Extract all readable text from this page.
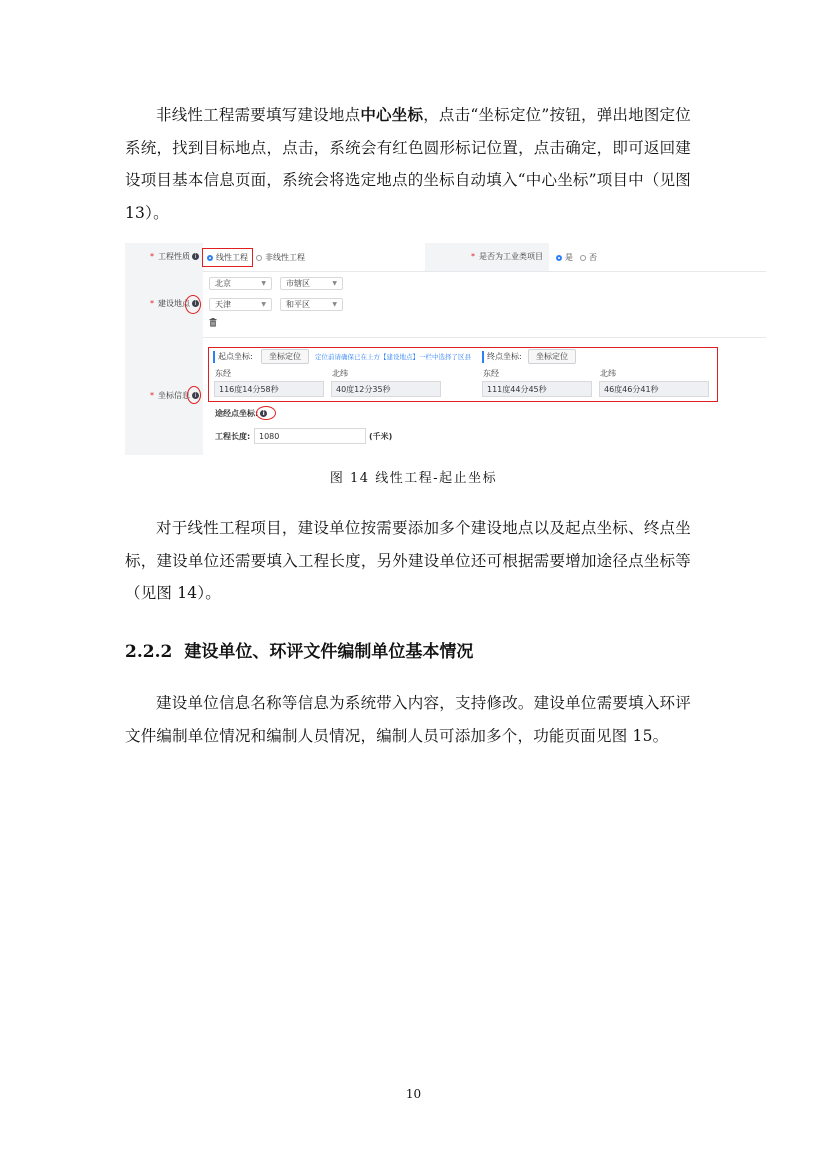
非线性工程需要填写建设地点中心坐标，点击“坐标定位”按钮，弹出地图定位系统，找到目标地点，点击，系统会有红色圆形标记位置，点击确定，即可返回建设项目基本信息页面，系统会将选定地点的坐标自动填入“中心坐标”项目中（见图 13）。

* 工程性质 i	线性工程	非线性工程	* 是否为工业类项目	是	否
* 建设地点 i
北京	▼	市辖区	▼
天津	▼	和平区	▼
* 坐标信息 i
起点坐标:	坐标定位	定位前请确保已在上方【建设地点】一栏中选择了区县	终点坐标:	坐标定位
东经	北纬	东经	北纬
116度14分58秒	40度12分35秒	111度44分45秒	46度46分41秒
途经点坐标: i
工程长度:	1080	(千米)
图 14 线性工程-起止坐标

对于线性工程项目，建设单位按需要添加多个建设地点以及起点坐标、终点坐标，建设单位还需要填入工程长度，另外建设单位还可根据需要增加途径点坐标等（见图 14）。

2.2.2 建设单位、环评文件编制单位基本情况

建设单位信息名称等信息为系统带入内容，支持修改。建设单位需要填入环评文件编制单位情况和编制人员情况，编制人员可添加多个，功能页面见图 15。

10
